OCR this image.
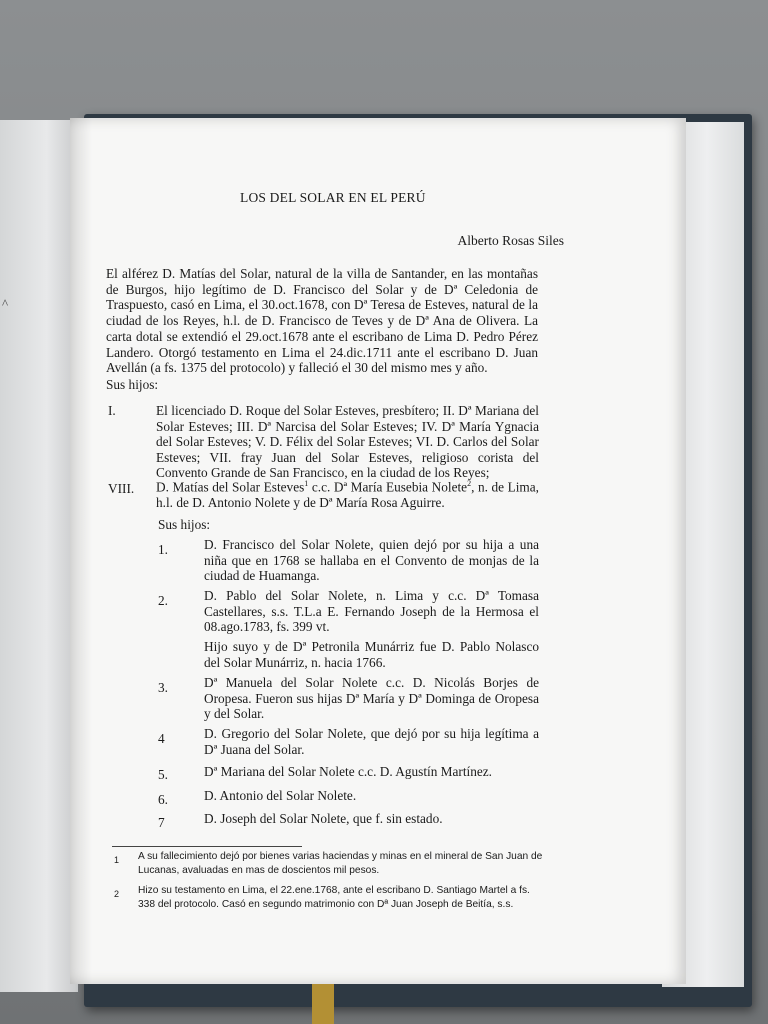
^

LOS DEL SOLAR EN EL PERÚ

Alberto Rosas Siles

El alférez D. Matías del Solar, natural de la villa de Santander, en las montañas de Burgos, hijo legítimo de D. Francisco del Solar y de Dª Celedonia de Traspuesto, casó en Lima, el 30.oct.1678, con Dª Teresa de Esteves, natural de la ciudad de los Reyes, h.l. de D. Francisco de Teves y de Dª Ana de Olivera. La carta dotal se extendió el 29.oct.1678 ante el escribano de Lima D. Pedro Pérez Landero. Otorgó testamento en Lima el 24.dic.1711 ante el escribano D. Juan Avellán (a fs. 1375 del protocolo) y falleció el 30 del mismo mes y año.

Sus hijos:

I.	El licenciado D. Roque del Solar Esteves, presbítero; II. Dª Mariana del Solar Esteves; III. Dª Narcisa del Solar Esteves; IV. Dª María Ygnacia del Solar Esteves; V. D. Félix del Solar Esteves; VI. D. Carlos del Solar Esteves; VII. fray Juan del Solar Esteves, religioso corista del Convento Grande de San Francisco, en la ciudad de los Reyes;

VIII. D. Matías del Solar Esteves$^1$ c.c. Dª María Eusebia Nolete$^2$, n. de Lima, h.l. de D. Antonio Nolete y de Dª María Rosa Aguirre.

Sus hijos:

1.	D. Francisco del Solar Nolete, quien dejó por su hija a una niña que en 1768 se hallaba en el Convento de monjas de la ciudad de Huamanga.

2.	D. Pablo del Solar Nolete, n. Lima y c.c. Dª Tomasa Castellares, s.s. T.L.a E. Fernando Joseph de la Hermosa el 08.ago.1783, fs. 399 vt.

Hijo suyo y de Dª Petronila Munárriz fue D. Pablo Nolasco del Solar Munárriz, n. hacia 1766.

3.	Dª Manuela del Solar Nolete c.c. D. Nicolás Borjes de Oropesa. Fueron sus hijas Dª María y Dª Dominga de Oropesa y del Solar.

4	D. Gregorio del Solar Nolete, que dejó por su hija legítima a Dª Juana del Solar.

5.	Dª Mariana del Solar Nolete c.c. D. Agustín Martínez.

6.	D. Antonio del Solar Nolete.

7	D. Joseph del Solar Nolete, que f. sin estado.

1 A su fallecimiento dejó por bienes varias haciendas y minas en el mineral de San Juan de Lucanas, avaluadas en mas de doscientos mil pesos.

2 Hizo su testamento en Lima, el 22.ene.1768, ante el escribano D. Santiago Martel a fs. 338 del protocolo. Casó en segundo matrimonio con Dª Juan Joseph de Beitía, s.s.
